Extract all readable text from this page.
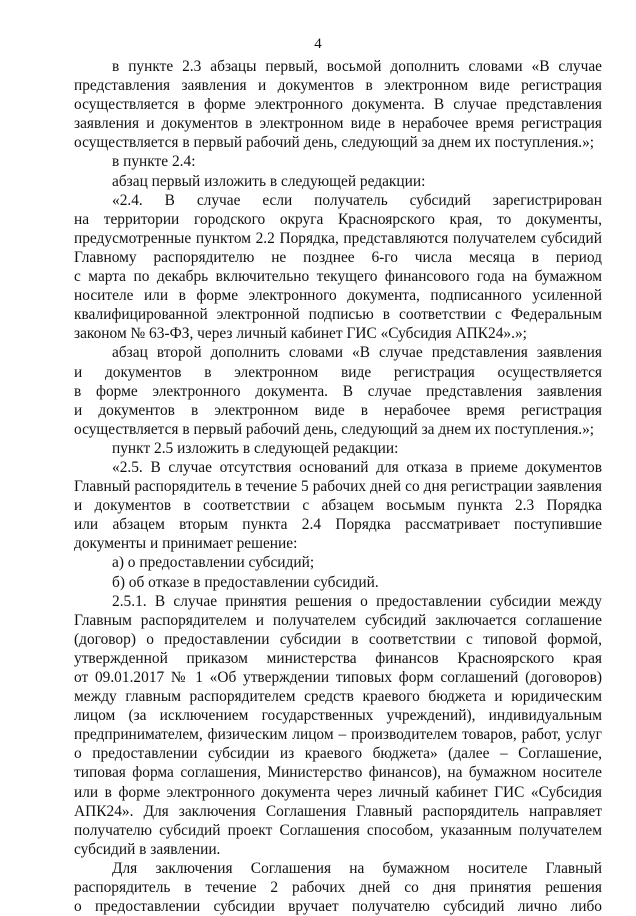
4

в пункте 2.3 абзацы первый, восьмой дополнить словами «В случае

представления заявления и документов в электронном виде регистрация

осуществляется в форме электронного документа. В случае представления

заявления и документов в электронном виде в нерабочее время регистрация

осуществляется в первый рабочий день, следующий за днем их поступления.»;

в пункте 2.4:

абзац первый изложить в следующей редакции:

«2.4. В случае если получатель субсидий зарегистрирован

на территории городского округа Красноярского края, то документы,

предусмотренные пунктом 2.2 Порядка, представляются получателем субсидий

Главному распорядителю не позднее 6-го числа месяца в период

с марта по декабрь включительно текущего финансового года на бумажном

носителе или в форме электронного документа, подписанного усиленной

квалифицированной электронной подписью в соответствии с Федеральным

законом № 63-ФЗ, через личный кабинет ГИС «Субсидия АПК24».»;

абзац второй дополнить словами «В случае представления заявления

и документов в электронном виде регистрация осуществляется

в форме электронного документа. В случае представления заявления

и документов в электронном виде в нерабочее время регистрация

осуществляется в первый рабочий день, следующий за днем их поступления.»;

пункт 2.5 изложить в следующей редакции:

«2.5. В случае отсутствия оснований для отказа в приеме документов

Главный распорядитель в течение 5 рабочих дней со дня регистрации заявления

и документов в соответствии с абзацем восьмым пункта 2.3 Порядка

или абзацем вторым пункта 2.4 Порядка рассматривает поступившие

документы и принимает решение:

а) о предоставлении субсидий;

б) об отказе в предоставлении субсидий.

2.5.1. В случае принятия решения о предоставлении субсидии между

Главным распорядителем и получателем субсидий заключается соглашение

(договор) о предоставлении субсидии в соответствии с типовой формой,

утвержденной приказом министерства финансов Красноярского края

от 09.01.2017 № 1 «Об утверждении типовых форм соглашений (договоров)

между главным распорядителем средств краевого бюджета и юридическим

лицом (за исключением государственных учреждений), индивидуальным

предпринимателем, физическим лицом – производителем товаров, работ, услуг

о предоставлении субсидии из краевого бюджета» (далее – Соглашение,

типовая форма соглашения, Министерство финансов), на бумажном носителе

или в форме электронного документа через личный кабинет ГИС «Субсидия

АПК24». Для заключения Соглашения Главный распорядитель направляет

получателю субсидий проект Соглашения способом, указанным получателем

субсидий в заявлении.

Для заключения Соглашения на бумажном носителе Главный

распорядитель в течение 2 рабочих дней со дня принятия решения

о предоставлении субсидии вручает получателю субсидий лично либо
